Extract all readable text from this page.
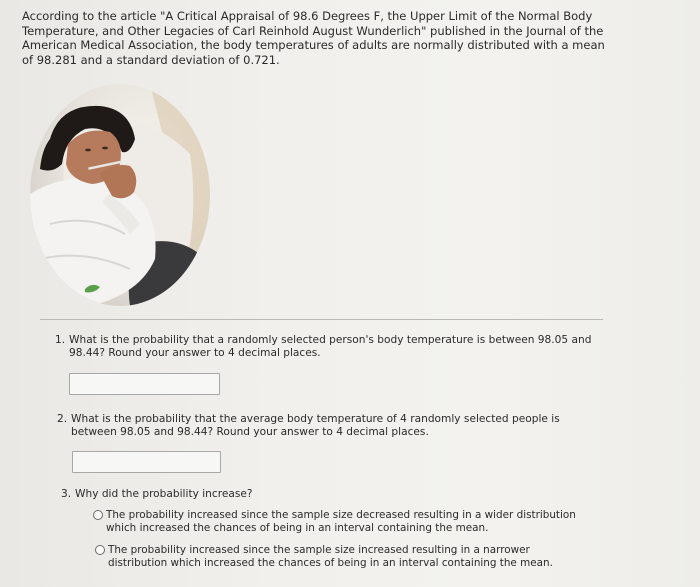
According to the article "A Critical Appraisal of 98.6 Degrees F, the Upper Limit of the Normal Body Temperature, and Other Legacies of Carl Reinhold August Wunderlich" published in the Journal of the American Medical Association, the body temperatures of adults are normally distributed with a mean of 98.281 and a standard deviation of 0.721.
1. What is the probability that a randomly selected person's body temperature is between 98.05 and 98.44? Round your answer to 4 decimal places.
2. What is the probability that the average body temperature of 4 randomly selected people is between 98.05 and 98.44? Round your answer to 4 decimal places.
3. Why did the probability increase?
The probability increased since the sample size decreased resulting in a wider distribution which increased the chances of being in an interval containing the mean.
The probability increased since the sample size increased resulting in a narrower distribution which increased the chances of being in an interval containing the mean.
